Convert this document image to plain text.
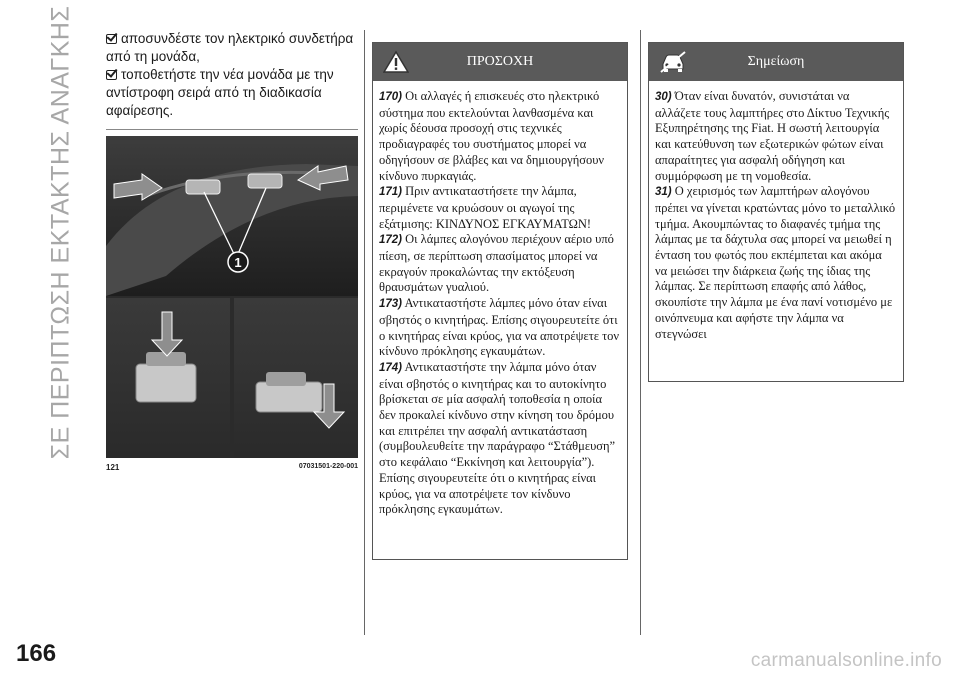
ΣΕ ΠΕΡΙΠΤΩΣΗ ΕΚΤΑΚΤΗΣ ΑΝΑΓΚΗΣ
166
αποσυνδέστε τον ηλεκτρικό συνδετήρα από τη μονάδα,
τοποθετήστε την νέα μονάδα με την αντίστροφη σειρά από τη διαδικασία αφαίρεσης.
1
121	07031501-220-001
ΠΡΟΣΟΧΗ

170) Οι αλλαγές ή επισκευές στο ηλεκτρικό σύστημα που εκτελούνται λανθασμένα και χωρίς δέουσα προσοχή στις τεχνικές προδιαγραφές του συστήματος μπορεί να οδηγήσουν σε βλάβες και να δημιουργήσουν κίνδυνο πυρκαγιάς.

171) Πριν αντικαταστήσετε την λάμπα, περιμένετε να κρυώσουν οι αγωγοί της εξάτμισης: ΚΙΝΔΥΝΟΣ ΕΓΚΑΥΜΑΤΩΝ!

172) Οι λάμπες αλογόνου περιέχουν αέριο υπό πίεση, σε περίπτωση σπασίματος μπορεί να εκραγούν προκαλώντας την εκτόξευση θραυσμάτων γυαλιού.

173) Αντικαταστήστε λάμπες μόνο όταν είναι σβηστός ο κινητήρας. Επίσης σιγουρευτείτε ότι ο κινητήρας είναι κρύος, για να αποτρέψετε τον κίνδυνο πρόκλησης εγκαυμάτων.

174) Αντικαταστήστε την λάμπα μόνο όταν είναι σβηστός ο κινητήρας και το αυτοκίνητο βρίσκεται σε μία ασφαλή τοποθεσία η οποία δεν προκαλεί κίνδυνο στην κίνηση του δρόμου και επιτρέπει την ασφαλή αντικατάσταση (συμβουλευθείτε την παράγραφο “Στάθμευση” στο κεφάλαιο “Εκκίνηση και λειτουργία”). Επίσης σιγουρευτείτε ότι ο κινητήρας είναι κρύος, για να αποτρέψετε τον κίνδυνο πρόκλησης εγκαυμάτων.

Σημείωση

30) Όταν είναι δυνατόν, συνιστάται να αλλάζετε τους λαμπτήρες στο Δίκτυο Τεχνικής Εξυπηρέτησης της Fiat. Η σωστή λειτουργία και κατεύθυνση των εξωτερικών φώτων είναι απαραίτητες για ασφαλή οδήγηση και συμμόρφωση με τη νομοθεσία.

31) Ο χειρισμός των λαμπτήρων αλογόνου πρέπει να γίνεται κρατώντας μόνο το μεταλλικό τμήμα. Ακουμπώντας το διαφανές τμήμα της λάμπας με τα δάχτυλα σας μπορεί να μειωθεί η ένταση του φωτός που εκπέμπεται και ακόμα να μειώσει την διάρκεια ζωής της ίδιας της λάμπας. Σε περίπτωση επαφής από λάθος, σκουπίστε την λάμπα με ένα πανί νοτισμένο με οινόπνευμα και αφήστε την λάμπα να στεγνώσει

carmanualsonline.info
